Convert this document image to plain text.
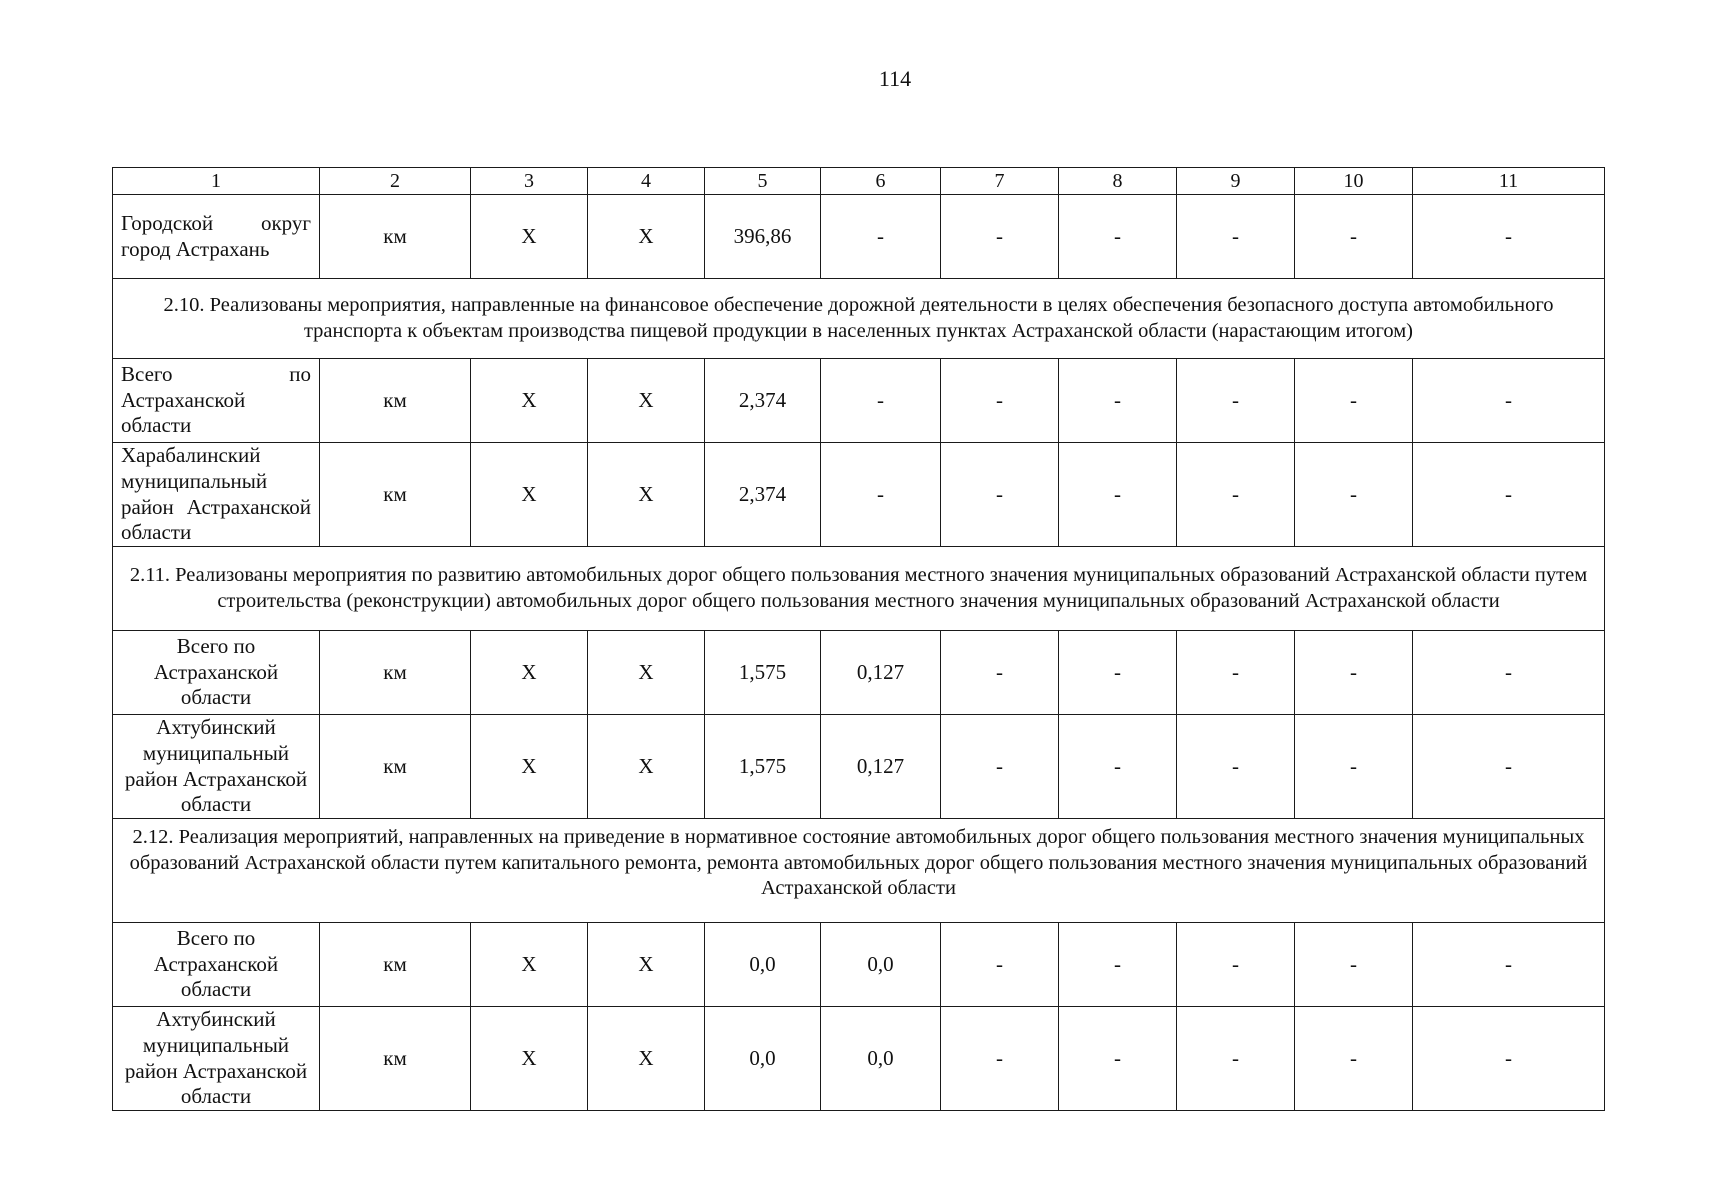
114
1	2	3	4	5	6	7	8	9	10	11
Городской округ город Астрахань	км	Х	Х	396,86	-	-	-	-	-	-
2.10. Реализованы мероприятия, направленные на финансовое обеспечение дорожной деятельности в целях обеспечения безопасного доступа автомобильного транспорта к объектам производства пищевой продукции в населенных пунктах Астраханской области (нарастающим итогом)										
Всего по Астраханской области	км	Х	Х	2,374	-	-	-	-	-	-
Харабалинский муниципальный район Астраханской области	км	Х	Х	2,374	-	-	-	-	-	-
2.11. Реализованы мероприятия по развитию автомобильных дорог общего пользования местного значения муниципальных образований Астраханской области путем строительства (реконструкции) автомобильных дорог общего пользования местного значения муниципальных образований Астраханской области										
Всего по Астраханской области	км	Х	Х	1,575	0,127	-	-	-	-	-
Ахтубинский муниципальный район Астраханской области	км	Х	Х	1,575	0,127	-	-	-	-	-
2.12. Реализация мероприятий, направленных на приведение в нормативное состояние автомобильных дорог общего пользования местного значения муниципальных образований Астраханской области путем капитального ремонта, ремонта автомобильных дорог общего пользования местного значения муниципальных образований Астраханской области										
Всего по Астраханской области	км	Х	Х	0,0	0,0	-	-	-	-	-
Ахтубинский муниципальный район Астраханской области	км	Х	Х	0,0	0,0	-	-	-	-	-
